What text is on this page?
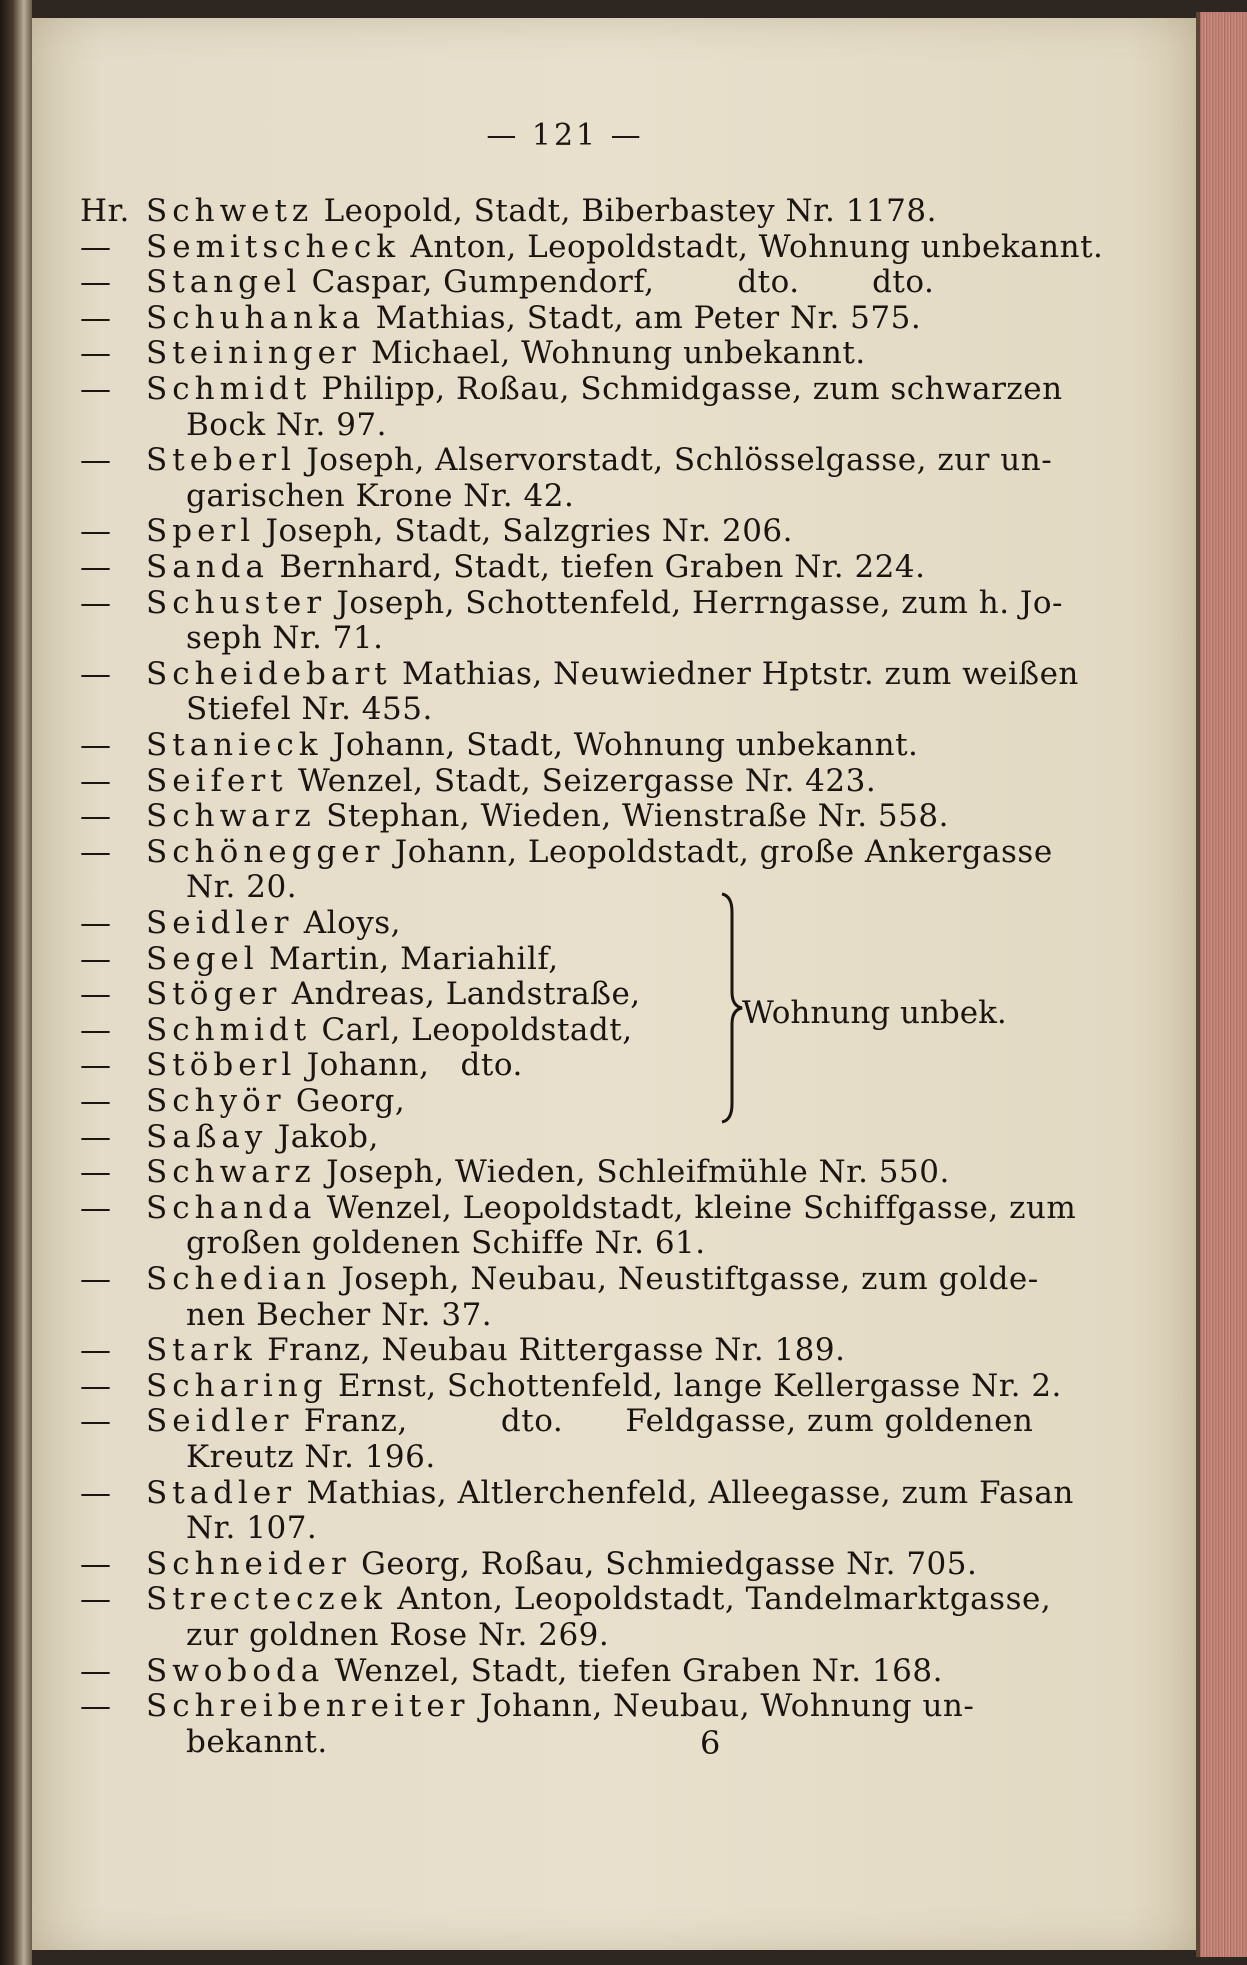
— 121 —
Hr. Schwetz Leopold, Stadt, Biberbastey Nr. 1178.
— Semitscheck Anton, Leopoldstadt, Wohnung unbekannt.
— Stangel Caspar, Gumpendorf,        dto.       dto.
— Schuhanka Mathias, Stadt, am Peter Nr. 575.
— Steininger Michael, Wohnung unbekannt.
— Schmidt Philipp, Roßau, Schmidgasse, zum schwarzen
Bock Nr. 97.
— Steberl Joseph, Alservorstadt, Schlösselgasse, zur un-
garischen Krone Nr. 42.
— Sperl Joseph, Stadt, Salzgries Nr. 206.
— Sanda Bernhard, Stadt, tiefen Graben Nr. 224.
— Schuster Joseph, Schottenfeld, Herrngasse, zum h. Jo-
seph Nr. 71.
— Scheidebart Mathias, Neuwiedner Hptstr. zum weißen
Stiefel Nr. 455.
— Stanieck Johann, Stadt, Wohnung unbekannt.
— Seifert Wenzel, Stadt, Seizergasse Nr. 423.
— Schwarz Stephan, Wieden, Wienstraße Nr. 558.
— Schönegger Johann, Leopoldstadt, große Ankergasse
Nr. 20.
— Seidler Aloys,
— Segel Martin, Mariahilf,
— Stöger Andreas, Landstraße,
— Schmidt Carl, Leopoldstadt,
— Stöberl Johann,   dto.
— Schyör Georg,
— Saßay Jakob,
— Schwarz Joseph, Wieden, Schleifmühle Nr. 550.
— Schanda Wenzel, Leopoldstadt, kleine Schiffgasse, zum
großen goldenen Schiffe Nr. 61.
— Schedian Joseph, Neubau, Neustiftgasse, zum golde-
nen Becher Nr. 37.
— Stark Franz, Neubau Rittergasse Nr. 189.
— Scharing Ernst, Schottenfeld, lange Kellergasse Nr. 2.
— Seidler Franz,         dto.      Feldgasse, zum goldenen
Kreutz Nr. 196.
— Stadler Mathias, Altlerchenfeld, Alleegasse, zum Fasan
Nr. 107.
— Schneider Georg, Roßau, Schmiedgasse Nr. 705.
— Strecteczek Anton, Leopoldstadt, Tandelmarktgasse,
zur goldnen Rose Nr. 269.
— Swoboda Wenzel, Stadt, tiefen Graben Nr. 168.
— Schreibenreiter Johann, Neubau, Wohnung un-
bekannt.
Wohnung unbek.
6
